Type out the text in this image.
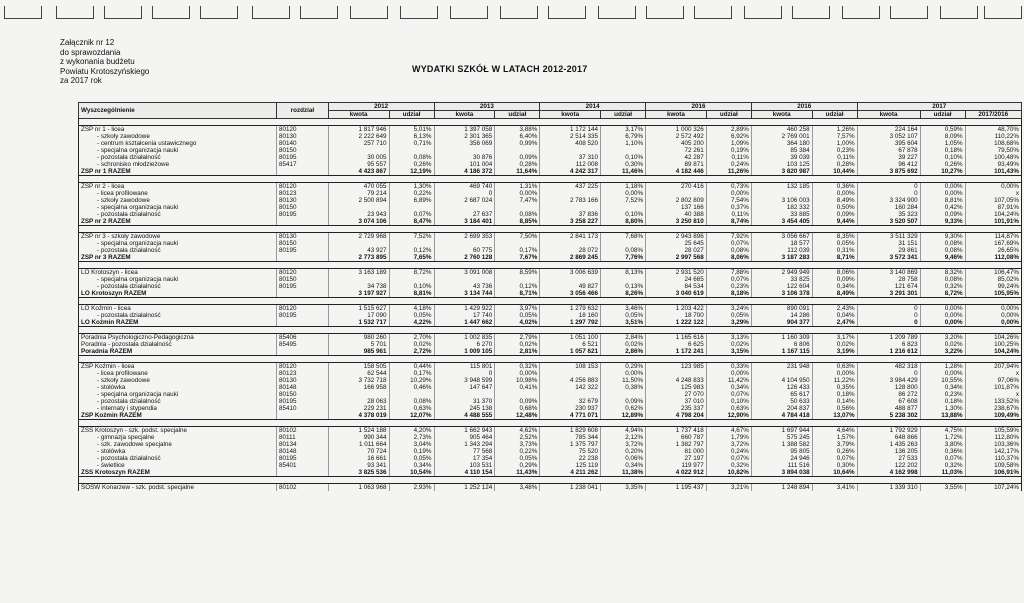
Załącznik nr 12
do sprawozdania
z wykonania budżetu
Powiatu Krotoszyńskiego
za 2017 rok
WYDATKI SZKÓŁ W LATACH 2012-2017
Wyszczególnienie	rozdział	2012		2013		2014		2016		2016		2017		
		kwota	udział	kwota	udział	kwota	udział	kwota	udział	kwota	udział	kwota	udział	2017/2016

ZSP nr 1 - licea	80120	1 817 946	5,01%	1 397 058	3,88%	1 172 144	3,17%	1 000 326	2,89%	460 258	1,26%	224 164	0,59%	48,70%
- szkoły zawodowe	80130	2 222 649	6,13%	2 301 365	6,40%	2 514 335	6,79%	2 572 492	6,92%	2 769 001	7,57%	3 052 107	8,09%	110,22%
- centrum kształcenia ustawicznego	80140	257 710	0,71%	356 069	0,99%	408 520	1,10%	405 200	1,09%	364 180	1,00%	395 604	1,05%	108,68%
- specjalna organizacja nauki	80150							72 261	0,19%	85 384	0,23%	67 878	0,18%	79,50%
- pozostała działalność	80195	30 005	0,08%	30 876	0,09%	37 310	0,10%	42 287	0,11%	39 039	0,11%	39 227	0,10%	100,48%
- schronisko młodzieżowe	85417	95 557	0,26%	101 004	0,28%	112 008	0,30%	89 871	0,24%	103 125	0,28%	96 412	0,26%	93,49%
ZSP nr 1 RAZEM		4 423 867	12,19%	4 186 372	11,64%	4 242 317	11,46%	4 182 446	11,26%	3 820 987	10,44%	3 875 692	10,27%	101,43%

ZSP nr 2 - licea	80120	470 055	1,30%	469 740	1,31%	437 225	1,18%	270 416	0,73%	132 185	0,36%	0	0,00%	0,00%
- licea profilowane	80123	79 214	0,22%	0	0,00%		0,00%		0,00%		0,00%	0	0,00%	x
- szkoły zawodowe	80130	2 500 894	6,89%	2 687 024	7,47%	2 783 166	7,52%	2 802 809	7,54%	3 106 003	8,49%	3 324 900	8,81%	107,05%
- specjalna organizacja nauki	80150							137 166	0,37%	182 332	0,50%	160 284	0,42%	87,91%
- pozostała działalność	80195	23 943	0,07%	27 637	0,08%	37 836	0,10%	40 388	0,11%	33 885	0,09%	35 323	0,09%	104,24%
ZSP nr 2 RAZEM		3 074 106	8,47%	3 184 401	8,85%	3 258 227	8,80%	3 250 810	8,74%	3 454 405	9,44%	3 520 507	9,33%	101,91%

ZSP nr 3 - szkoły zawodowe	80130	2 729 968	7,52%	2 699 353	7,50%	2 841 173	7,68%	2 943 896	7,92%	3 056 667	8,35%	3 511 329	9,30%	114,87%
- specjalna organizacja nauki	80150							25 645	0,07%	18 577	0,05%	31 151	0,08%	167,69%
- pozostała działalność	80195	43 927	0,12%	60 775	0,17%	28 072	0,08%	28 027	0,08%	112 039	0,31%	29 861	0,08%	26,65%
ZSP nr 3 RAZEM		2 773 895	7,65%	2 760 128	7,67%	2 869 245	7,76%	2 997 568	8,06%	3 187 283	8,71%	3 572 341	9,46%	112,08%

LO Krotoszyn - licea	80120	3 163 189	8,72%	3 091 008	8,59%	3 006 639	8,13%	2 931 520	7,88%	2 949 949	8,06%	3 140 869	8,32%	106,47%
- specjalna organizacja nauki	80150							24 665	0,07%	33 825	0,09%	28 758	0,08%	85,02%
- pozostała działalność	80195	34 738	0,10%	43 736	0,12%	49 827	0,13%	84 534	0,23%	122 604	0,34%	121 674	0,32%	99,24%
LO Krotoszyn RAZEM		3 197 927	8,81%	3 134 744	8,71%	3 056 466	8,26%	3 040 619	8,18%	3 106 378	8,49%	3 291 301	8,72%	105,95%

LO Koźmin - licea	80120	1 515 627	4,18%	1 429 922	3,97%	1 279 632	3,46%	1 203 422	3,24%	890 091	2,43%	0	0,00%	0,00%
- pozostała działalność	80195	17 090	0,05%	17 740	0,05%	18 160	0,05%	18 700	0,05%	14 286	0,04%	0	0,00%	0,00%
LO Koźmin RAZEM		1 532 717	4,22%	1 447 662	4,02%	1 297 792	3,51%	1 222 122	3,29%	904 377	2,47%	0	0,00%	0,00%

Poradnia Psychologiczno-Pedagogiczna	85406	980 260	2,70%	1 002 835	2,79%	1 051 100	2,84%	1 165 616	3,13%	1 160 309	3,17%	1 209 789	3,20%	104,26%
Poradnia - pozostała działalność	85495	5 701	0,02%	6 270	0,02%	6 521	0,02%	6 625	0,02%	6 806	0,02%	6 823	0,02%	100,25%
Poradnia RAZEM		985 961	2,72%	1 009 105	2,81%	1 057 621	2,86%	1 172 241	3,15%	1 167 115	3,19%	1 216 612	3,22%	104,24%

ZSP Koźmin - licea	80120	158 505	0,44%	115 801	0,32%	108 153	0,29%	123 985	0,33%	231 948	0,63%	482 318	1,28%	207,94%
- licea profilowane	80123	62 544	0,17%	0	0,00%		0,00%		0,00%		0,00%	0	0,00%	x
- szkoły zawodowe	80130	3 732 718	10,29%	3 948 599	10,98%	4 256 883	11,50%	4 248 833	11,42%	4 104 950	11,22%	3 984 429	10,55%	97,06%
- stołówka	80148	166 958	0,46%	147 647	0,41%	142 322	0,38%	125 983	0,34%	126 433	0,35%	128 800	0,34%	101,87%
- specjalna organizacja nauki	80150							27 070	0,07%	65 617	0,18%	86 272	0,23%	x
- pozostała działalność	80195	28 063	0,08%	31 370	0,09%	32 679	0,09%	37 010	0,10%	50 633	0,14%	67 608	0,18%	133,52%
- internaty i stypendia	85410	229 231	0,63%	245 138	0,68%	230 937	0,62%	235 337	0,63%	204 837	0,56%	488 877	1,30%	238,67%
ZSP Koźmin RAZEM		4 378 019	12,07%	4 488 555	12,48%	4 771 071	12,89%	4 798 204	12,90%	4 784 418	13,07%	5 238 302	13,88%	109,49%

ZSS Krotoszyn - szk. podst. specjalne	80102	1 524 188	4,20%	1 662 943	4,62%	1 829 608	4,94%	1 737 418	4,67%	1 697 944	4,64%	1 792 929	4,75%	105,59%
- gimnazja specjalne	80111	990 344	2,73%	905 464	2,52%	785 344	2,12%	660 787	1,79%	575 245	1,57%	648 866	1,72%	112,80%
- szk. zawodowe specjalne	80134	1 011 664	3,04%	1 343 294	3,73%	1 375 797	3,72%	1 382 797	3,72%	1 388 582	3,79%	1 435 263	3,80%	103,36%
- stołówka	80148	70 724	0,19%	77 568	0,22%	75 520	0,20%	81 000	0,24%	95 805	0,26%	136 205	0,36%	142,17%
- pozostała działalność	80195	16 661	0,05%	17 354	0,05%	22 238	0,06%	27 197	0,07%	24 946	0,07%	27 533	0,07%	110,37%
- świetlice	85401	93 341	0,34%	103 531	0,29%	125 119	0,34%	119 977	0,32%	111 516	0,30%	122 202	0,32%	109,58%
ZSS Krotoszyn RAZEM		3 825 536	10,54%	4 110 154	11,43%	4 211 262	11,38%	4 022 912	10,82%	3 894 038	10,64%	4 162 998	11,03%	106,91%

SOSW Konarzew - szk. podst. specjalne	80102	1 063 968	2,93%	1 252 124	3,48%	1 238 041	3,35%	1 195 437	3,21%	1 248 894	3,41%	1 339 310	3,55%	107,24%
